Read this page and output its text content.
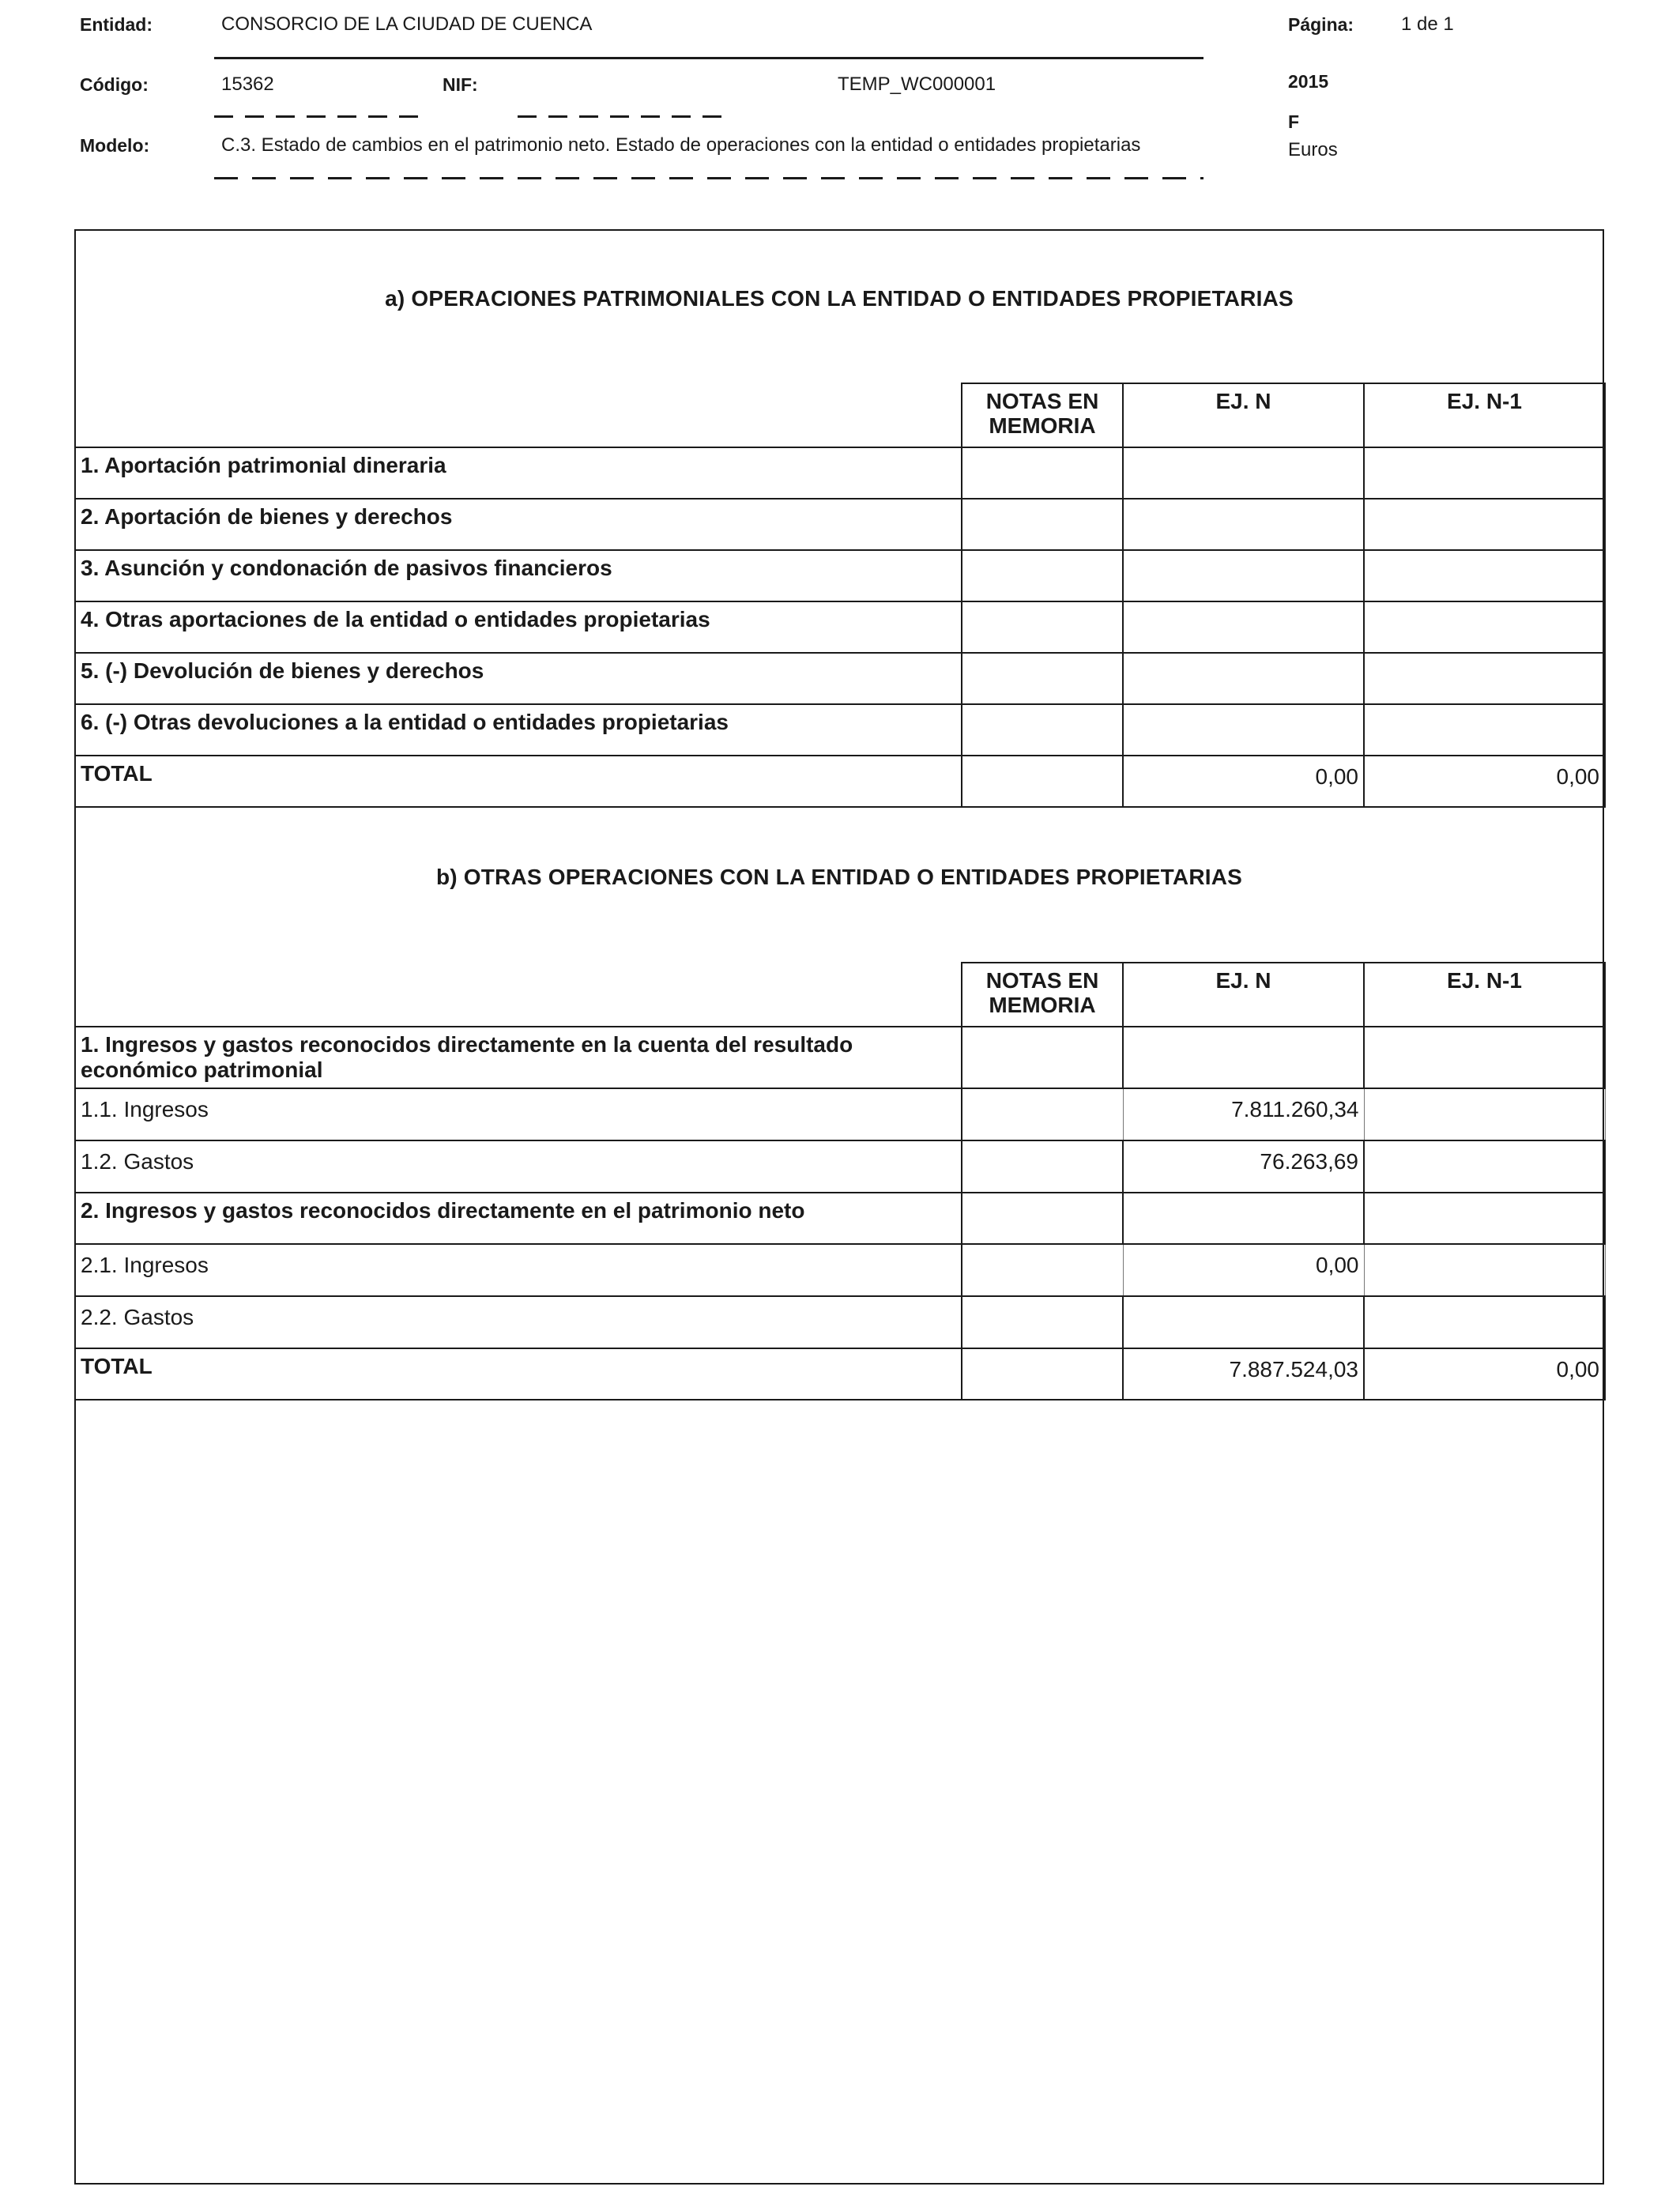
Entidad:	CONSORCIO DE LA CIUDAD DE CUENCA	Página: 1 de 1
Código:	15362	NIF:	TEMP_WC000001	2015
F
Euros
Modelo:	C.3. Estado de cambios en el patrimonio neto. Estado de operaciones con la entidad o entidades propietarias
a) OPERACIONES PATRIMONIALES CON LA ENTIDAD O ENTIDADES PROPIETARIAS
	NOTAS EN MEMORIA	EJ. N	EJ. N-1
1. Aportación patrimonial dineraria			
2. Aportación de bienes y derechos			
3. Asunción y condonación de pasivos financieros			
4. Otras aportaciones de la entidad o entidades propietarias			
5. (-) Devolución de bienes y derechos			
6. (-) Otras devoluciones a la entidad o entidades propietarias			
TOTAL		0,00	0,00
b) OTRAS OPERACIONES CON LA ENTIDAD O ENTIDADES PROPIETARIAS
	NOTAS EN MEMORIA	EJ. N	EJ. N-1
1. Ingresos y gastos reconocidos directamente en la cuenta del resultado económico patrimonial			
1.1. Ingresos		7.811.260,34	
1.2. Gastos		76.263,69	
2. Ingresos y gastos reconocidos directamente en el patrimonio neto			
2.1. Ingresos		0,00	
2.2. Gastos			
TOTAL		7.887.524,03	0,00
